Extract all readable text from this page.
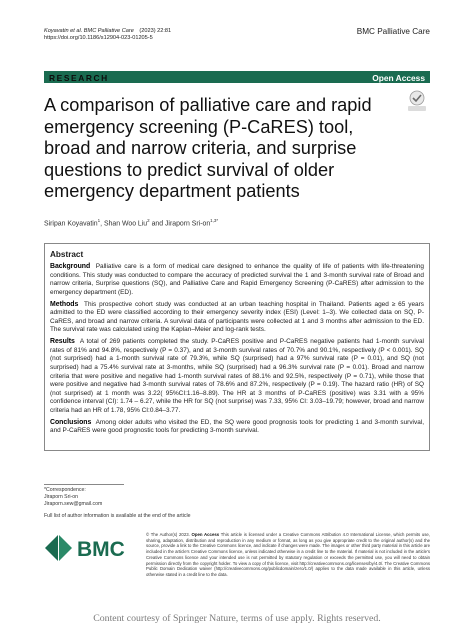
Koyavatin et al. BMC Palliative Care (2023) 22:81
https://doi.org/10.1186/s12904-023-01205-5
BMC Palliative Care
RESEARCH	Open Access
A comparison of palliative care and rapid emergency screening (P-CaRES) tool, broad and narrow criteria, and surprise questions to predict survival of older emergency department patients
Siripan Koyavatin$^1$, Shan Woo Liu$^2$ and Jiraporn Sri-$on^{1,3*}$
Abstract

Background Palliative care is a form of medical care designed to enhance the quality of life of patients with life-threatening conditions. This study was conducted to compare the accuracy of predicted survival the 1 and 3-month survival rate of Broad and narrow criteria, Surprise questions (SQ), and Palliative Care and Rapid Emergency Screening (P-CaRES) after admission to the emergency department (ED).

Methods This prospective cohort study was conducted at an urban teaching hospital in Thailand. Patients aged ≥ 65 years admitted to the ED were classified according to their emergency severity index (ESI) (Level: 1–3). We collected data on SQ, P-CaRES, and broad and narrow criteria. A survival data of participants were collected at 1 and 3 months after admission to the ED. The survival rate was calculated using the Kaplan–Meier and log-rank tests.

Results A total of 269 patients completed the study. P-CaRES positive and P-CaRES negative patients had 1-month survival rates of 81% and 94.8%, respectively (P = 0.37), and at 3-month survival rates of 70.7% and 90.1%, respectively (P < 0.001). SQ (not surprised) had a 1-month survival rate of 79.3%, while SQ (surprised) had a 97% survival rate (P = 0.01), and SQ (not surprised) had a 75.4% survival rate at 3-months, while SQ (surprised) had a 96.3% survival rate (P = 0.01). Broad and narrow criteria that were positive and negative had 1-month survival rates of 88.1% and 92.5%, respectively (P = 0.71), while those that were positive and negative had 3-month survival rates of 78.6% and 87.2%, respectively (P = 0.19). The hazard ratio (HR) of SQ (not surprised) at 1 month was 3.22( 95%CI:1.16–8.89). The HR at 3 months of P-CaRES (positive) was 3.31 with a 95% confidence interval (CI): 1.74 – 6.27, while the HR for SQ (not surprise) was 7.33, 95% CI: 3.03–19.79; however, broad and narrow criteria had an HR of 1.78, 95% CI:0.84–3.77.

Conclusions Among older adults who visited the ED, the SQ were good prognosis tools for predicting 1 and 3-month survival, and P-CaRES were good prognostic tools for predicting 3-month survival.

*Correspondence:
Jiraporn Sri-on
Jiraporn.sew@gmail.com
Full list of author information is available at the end of the article
BMC
© The Author(s) 2023. Open Access This article is licensed under a Creative Commons Attribution 4.0 International License, which permits use, sharing, adaptation, distribution and reproduction in any medium or format, as long as you give appropriate credit to the original author(s) and the source, provide a link to the Creative Commons licence, and indicate if changes were made. The images or other third party material in this article are included in the article's Creative Commons licence, unless indicated otherwise in a credit line to the material. If material is not included in the article's Creative Commons licence and your intended use is not permitted by statutory regulation or exceeds the permitted use, you will need to obtain permission directly from the copyright holder. To view a copy of this licence, visit http://creativecommons.org/licenses/by/4.0/. The Creative Commons Public Domain Dedication waiver (http://creativecommons.org/publicdomain/zero/1.0/) applies to the data made available in this article, unless otherwise stated in a credit line to the data.
Content courtesy of Springer Nature, terms of use apply. Rights reserved.
